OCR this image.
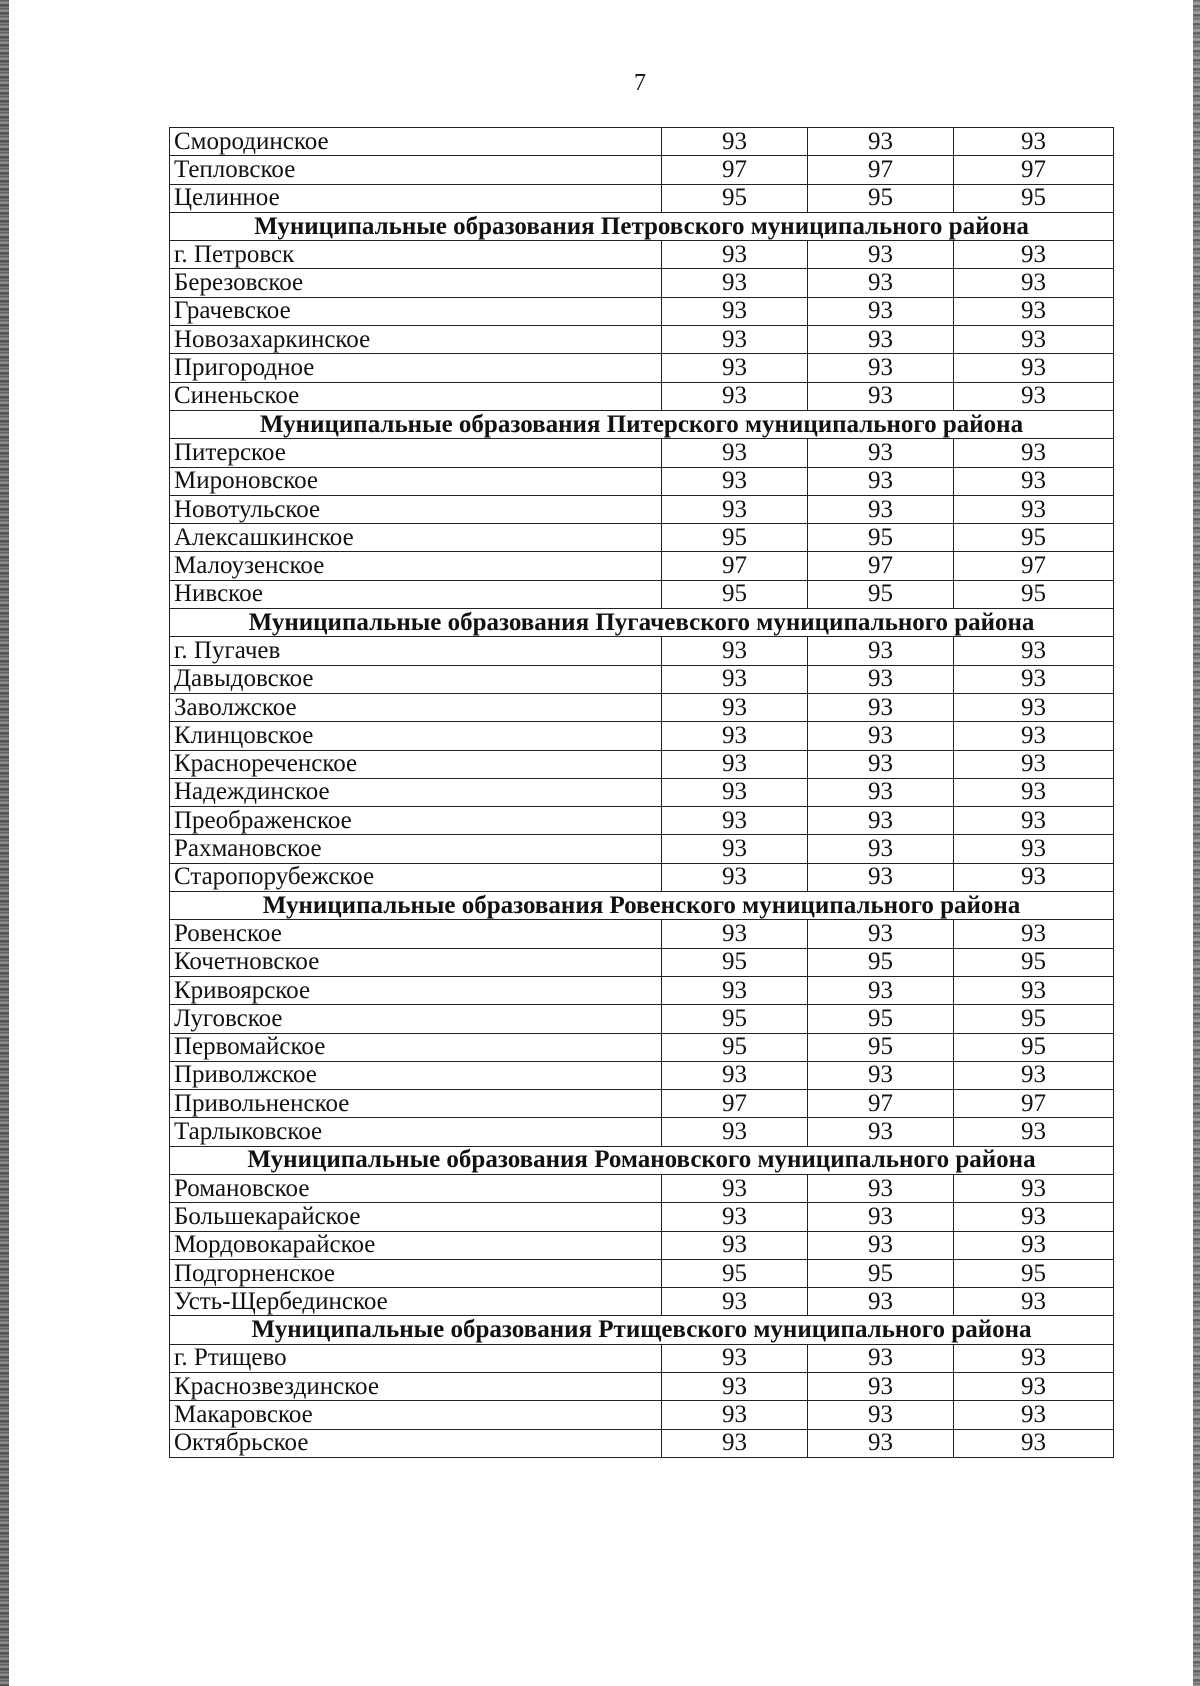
7
Смородинское	93	93	93
Тепловское	97	97	97
Целинное	95	95	95
Муниципальные образования Петровского муниципального района			
г. Петровск	93	93	93
Березовское	93	93	93
Грачевское	93	93	93
Новозахаркинское	93	93	93
Пригородное	93	93	93
Синеньское	93	93	93
Муниципальные образования Питерского муниципального района			
Питерское	93	93	93
Мироновское	93	93	93
Новотульское	93	93	93
Алексашкинское	95	95	95
Малоузенское	97	97	97
Нивское	95	95	95
Муниципальные образования Пугачевского муниципального района			
г. Пугачев	93	93	93
Давыдовское	93	93	93
Заволжское	93	93	93
Клинцовское	93	93	93
Краснореченское	93	93	93
Надеждинское	93	93	93
Преображенское	93	93	93
Рахмановское	93	93	93
Старопорубежское	93	93	93
Муниципальные образования Ровенского муниципального района			
Ровенское	93	93	93
Кочетновское	95	95	95
Кривоярское	93	93	93
Луговское	95	95	95
Первомайское	95	95	95
Приволжское	93	93	93
Привольненское	97	97	97
Тарлыковское	93	93	93
Муниципальные образования Романовского муниципального района			
Романовское	93	93	93
Большекарайское	93	93	93
Мордовокарайское	93	93	93
Подгорненское	95	95	95
Усть-Щербединское	93	93	93
Муниципальные образования Ртищевского муниципального района			
г. Ртищево	93	93	93
Краснозвездинское	93	93	93
Макаровское	93	93	93
Октябрьское	93	93	93
